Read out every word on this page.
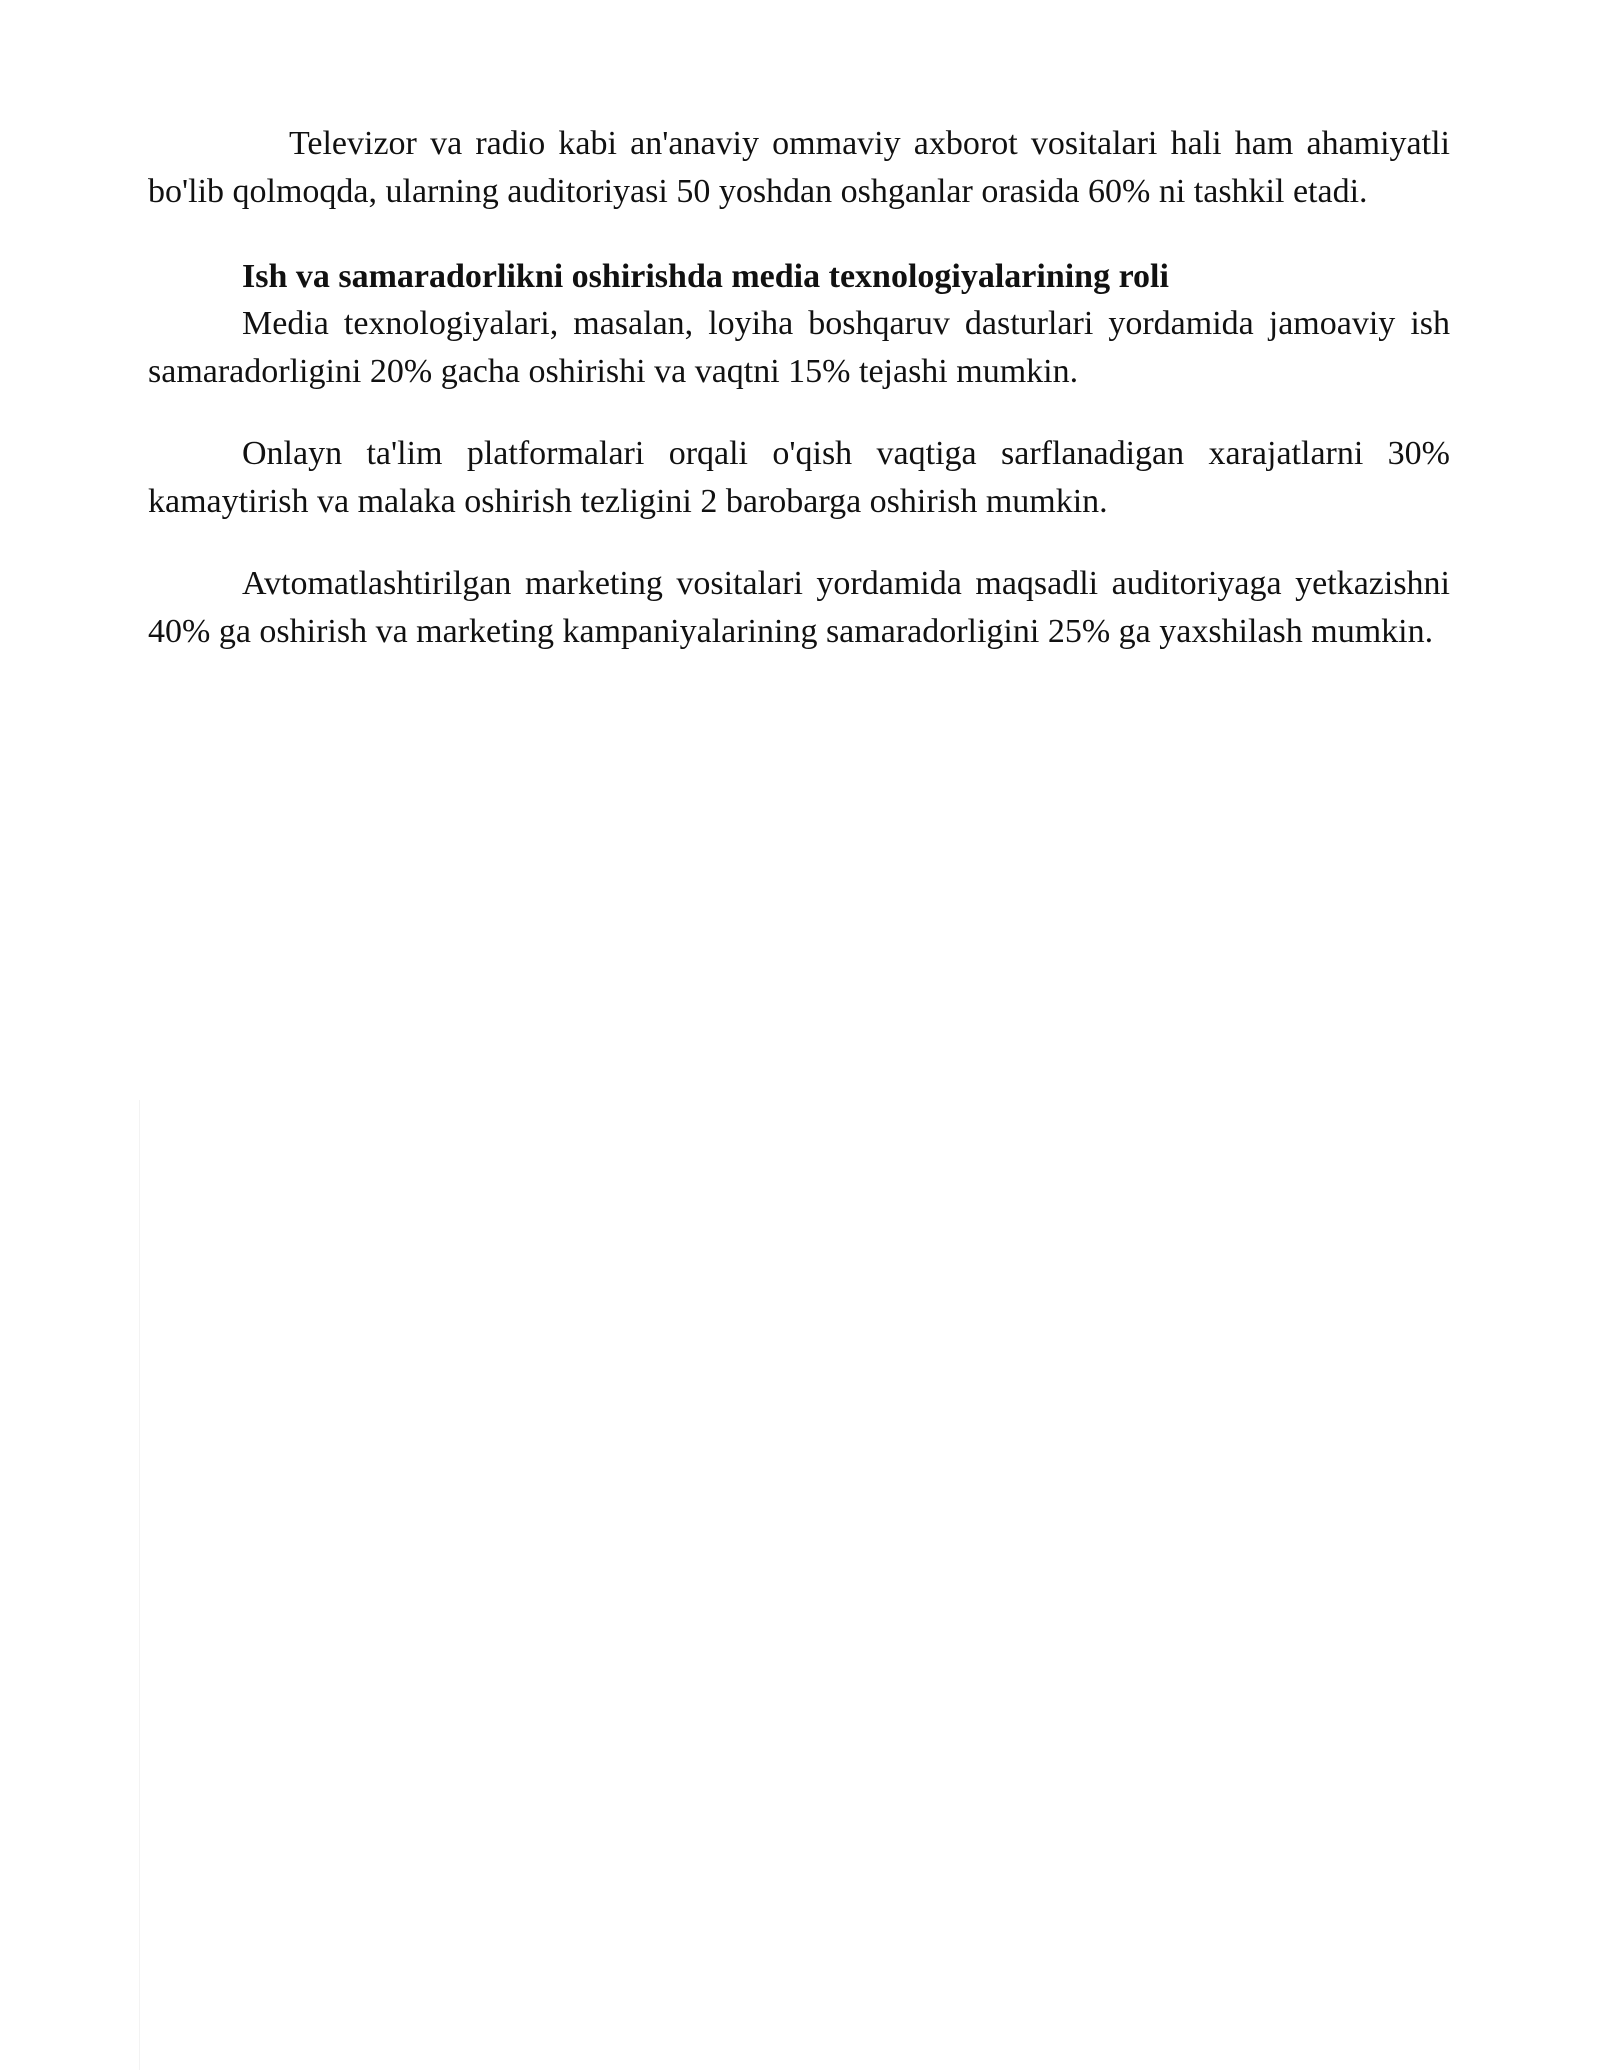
Televizor va radio kabi an'anaviy ommaviy axborot vositalari hali ham ahamiyatli bo'lib qolmoqda, ularning auditoriyasi 50 yoshdan oshganlar orasida 60% ni tashkil etadi.

Ish va samaradorlikni oshirishda media texnologiyalarining roli

Media texnologiyalari, masalan, loyiha boshqaruv dasturlari yordamida jamoaviy ish samaradorligini 20% gacha oshirishi va vaqtni 15% tejashi mumkin.

Onlayn ta'lim platformalari orqali o'qish vaqtiga sarflanadigan xarajatlarni 30% kamaytirish va malaka oshirish tezligini 2 barobarga oshirish mumkin.

Avtomatlashtirilgan marketing vositalari yordamida maqsadli auditoriyaga yetkazishni 40% ga oshirish va marketing kampaniyalarining samaradorligini 25% ga yaxshilash mumkin.
